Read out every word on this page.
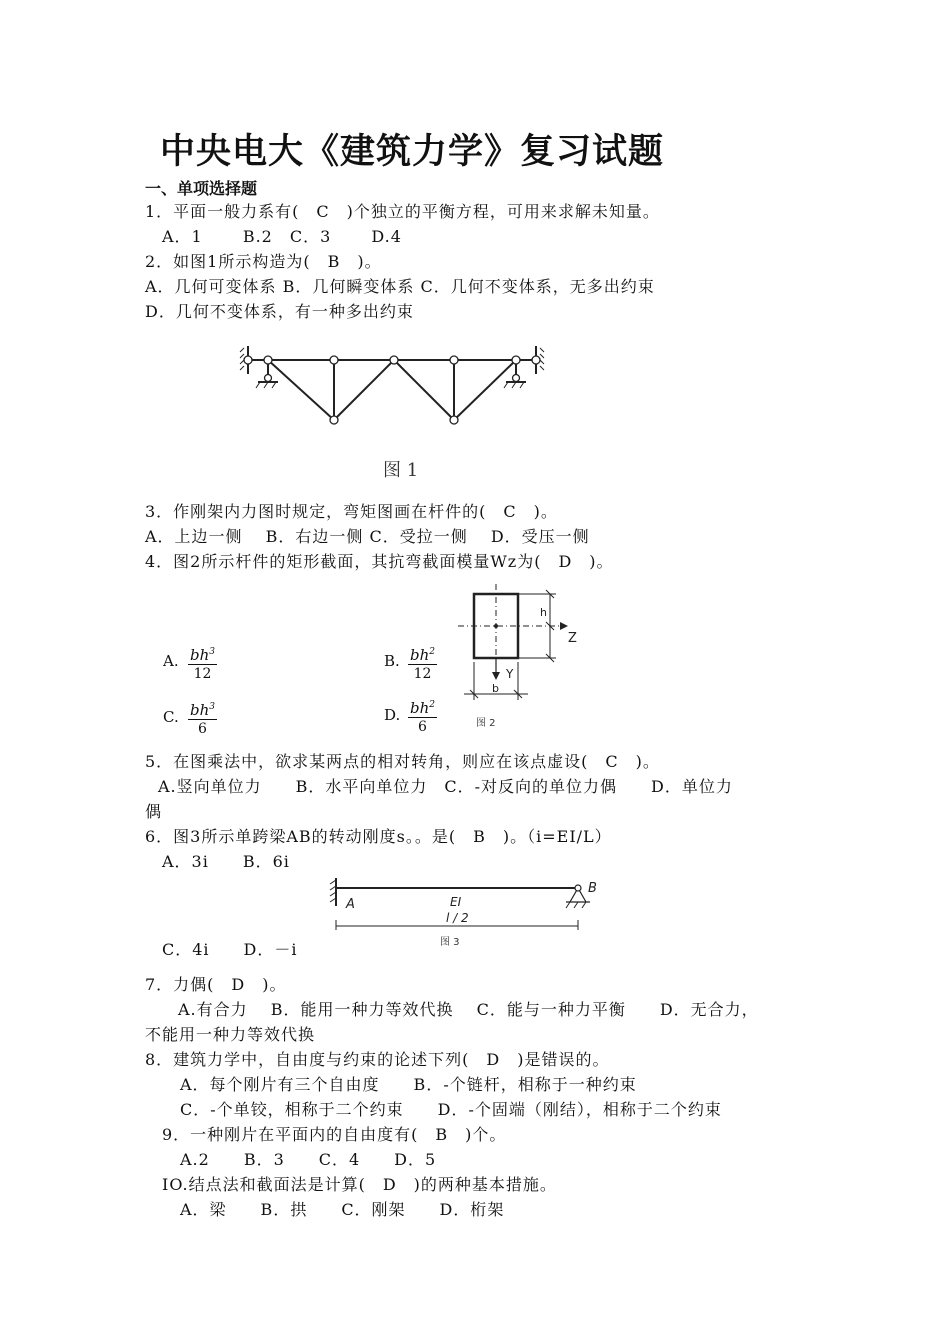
中央电大《建筑力学》复习试题
一、单项选择题
1．平面一般力系有(　C　)个独立的平衡方程，可用来求解未知量。
A．1　 　B.2　C．3　 　D.4
2．如图1所示构造为(　B　)。
A．几何可变体系 B．几何瞬变体系 C．几何不变体系，无多出约束
D．几何不变体系，有一种多出约束
图 1
3．作刚架内力图时规定，弯矩图画在杆件的(　C　)。
A．上边一侧　 B．右边一侧 C．受拉一侧　 D．受压一侧
4．图2所示杆件的矩形截面，其抗弯截面模量Wz为(　D　)。
A. $\frac{bh^3}{12}$	B. $\frac{bh^2}{12}$
C. $\frac{bh^3}{6}$	D. $\frac{bh^2}{6}$
h
Z
Y
b
图 2
5．在图乘法中，欲求某两点的相对转角，则应在该点虚设(　C　)。
A.竖向单位力　　B．水平向单位力　C．-对反向的单位力偶　　D．单位力
偶
6．图3所示单跨梁AB的转动刚度s。。是(　B　)。（i=EI/L）
A．3i　　B．6i
A
B
EI
l / 2
图 3
C．4i　　D．－i
7．力偶(　D　)。
A.有合力　 B．能用一种力等效代换　 C．能与一种力平衡　　D．无合力，
不能用一种力等效代换
8．建筑力学中，自由度与约束的论述下列(　D　)是错误的。
A．每个刚片有三个自由度　　B．-个链杆，相称于一种约束
C．-个单铰，相称于二个约束　　D．-个固端（刚结），相称于二个约束
9．一种刚片在平面内的自由度有(　B　)个。
A.2　　B．3　　C．4　　D．5
IO.结点法和截面法是计算(　D　)的两种基本措施。
A．梁　　B．拱　　C．刚架　　D．桁架
